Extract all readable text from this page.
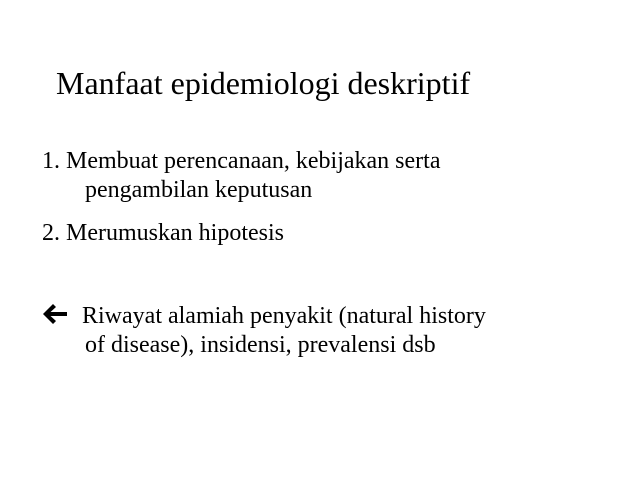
Manfaat epidemiologi deskriptif
1. Membuat perencanaan, kebijakan serta
pengambilan keputusan
2. Merumuskan hipotesis
Riwayat alamiah penyakit (natural history
of disease), insidensi, prevalensi dsb
